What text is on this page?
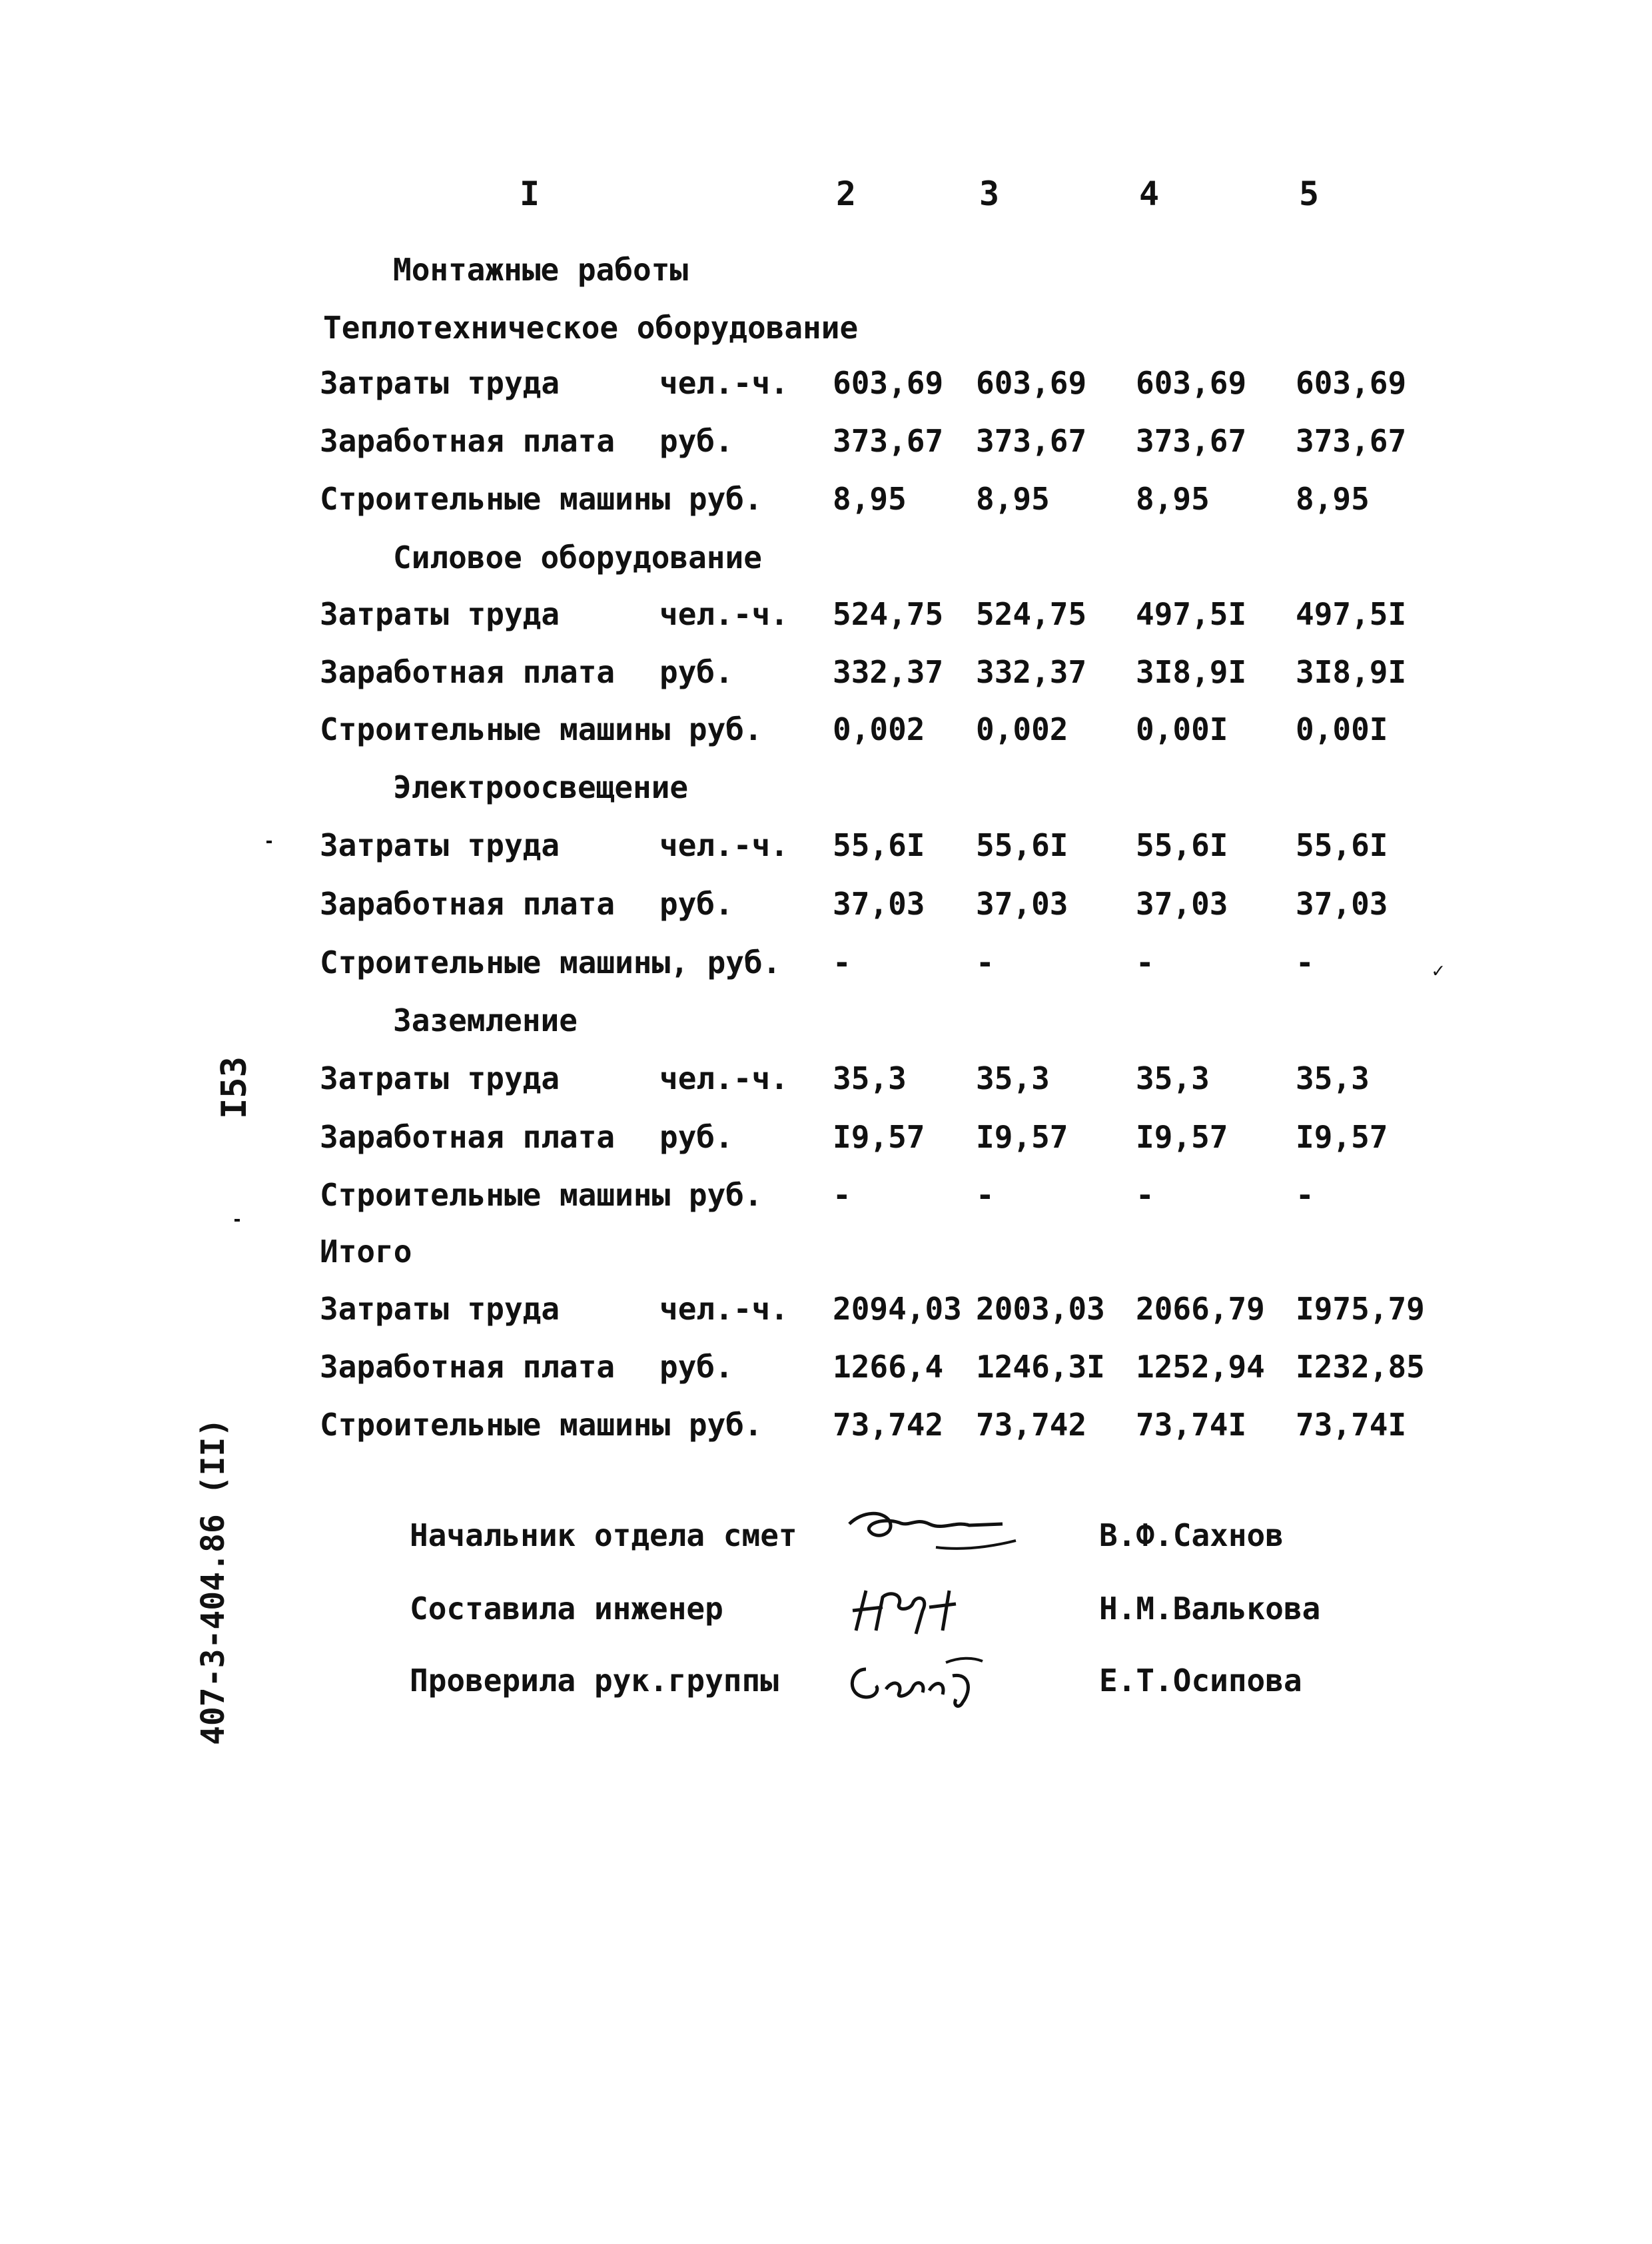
I	2	3	4	5
Монтажные работы
Теплотехническое оборудование
Затраты труда	чел.-ч. 603,69 603,69 603,69 603,69
Заработная плата руб.	373,67 373,67 373,67 373,67
Строительные машины руб. 8,95 8,95	8,95	8,95
Силовое оборудование
Затраты труда	чел.-ч. 524,75 524,75 497,5I 497,5I
Заработная плата руб.	332,37 332,37 3I8,9I 3I8,9I
Строительные машины руб. 0,002 0,002 0,00I 0,00I
Электроосвещение
Затраты труда	чел.-ч. 55,6I 55,6I 55,6I 55,6I
Заработная плата руб.	37,03 37,03 37,03 37,03
Строительные машины, руб. -	-	-	-
Заземление
Затраты труда	чел.-ч. 35,3 35,3	35,3	35,3
Заработная плата руб.	I9,57 I9,57 I9,57 I9,57
Строительные машины руб. -	-	-	-
Итого
Затраты труда	чел.-ч. 2094,03 2003,03 2066,79 I975,79
Заработная плата руб.	1266,4 1246,3I 1252,94 I232,85
Строительные машины руб. 73,742 73,742 73,74I 73,74I
Начальник отдела смет	В.Ф.Сахнов
Составила инженер	Н.М.Валькова
Проверила рук.группы	Е.Т.Осипова
407-3-404.86 (II)
I53
✓
